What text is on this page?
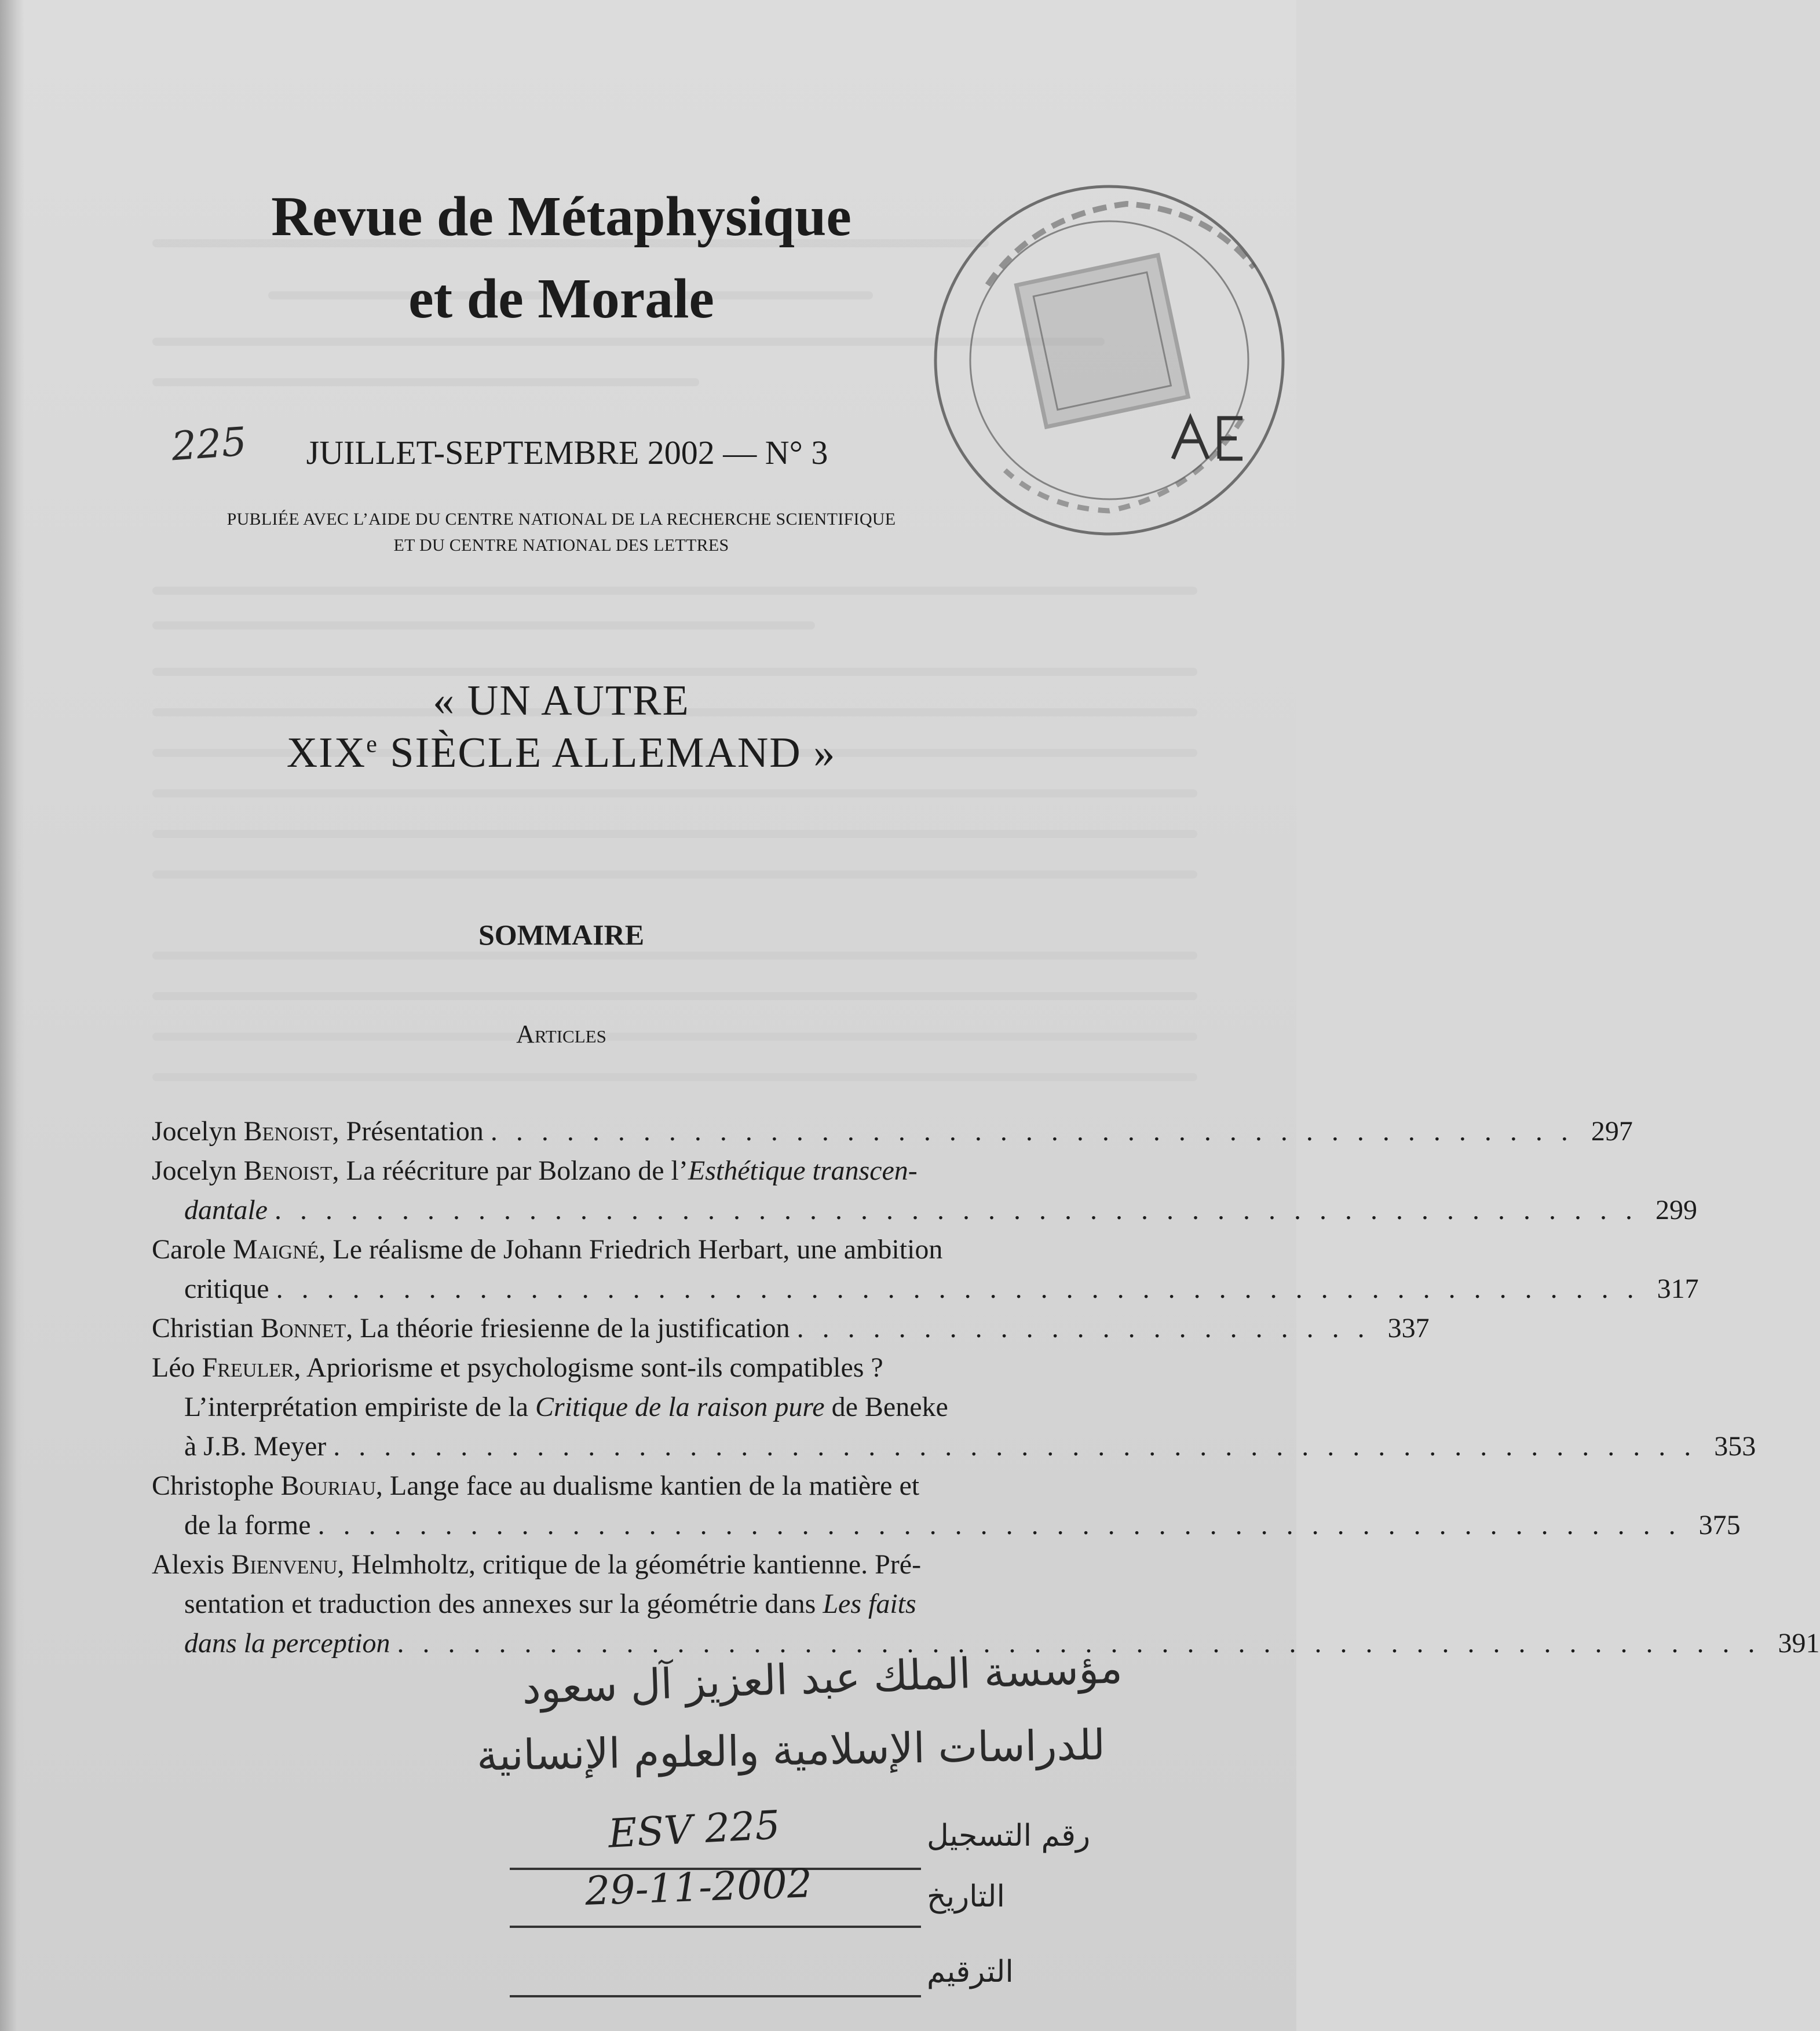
Revue de Métaphysique
et de Morale
225	JUILLET-SEPTEMBRE 2002 — N° 3
PUBLIÉE AVEC L’AIDE DU CENTRE NATIONAL DE LA RECHERCHE SCIENTIFIQUE
ET DU CENTRE NATIONAL DES LETTRES
« UN AUTRE
XIXe SIÈCLE ALLEMAND »
SOMMAIRE
Articles
Jocelyn Benoist, Présentation . . . . . . . . . . . . . . . . . . . . . . . . . . . . . . . . . . . . . . . . . . . 297
Jocelyn Benoist, La réécriture par Bolzano de l’Esthétique transcen-
dantale . . . . . . . . . . . . . . . . . . . . . . . . . . . . . . . . . . . . . . . . . . . . . . . . . . . . . . 299
Carole Maigné, Le réalisme de Johann Friedrich Herbart, une ambition
critique . . . . . . . . . . . . . . . . . . . . . . . . . . . . . . . . . . . . . . . . . . . . . . . . . . . . . . 317
Christian Bonnet, La théorie friesienne de la justification . . . . . . . . . . . . . . . . . . . . . . . 337
Léo Freuler, Apriorisme et psychologisme sont-ils compatibles ?
L’interprétation empiriste de la Critique de la raison pure de Beneke
à J.B. Meyer . . . . . . . . . . . . . . . . . . . . . . . . . . . . . . . . . . . . . . . . . . . . . . . . . . . . . . 353
Christophe Bouriau, Lange face au dualisme kantien de la matière et
de la forme . . . . . . . . . . . . . . . . . . . . . . . . . . . . . . . . . . . . . . . . . . . . . . . . . . . . . . 375
Alexis Bienvenu, Helmholtz, critique de la géométrie kantienne. Pré-
sentation et traduction des annexes sur la géométrie dans Les faits
dans la perception . . . . . . . . . . . . . . . . . . . . . . . . . . . . . . . . . . . . . . . . . . . . . . . . . . . . . . 391
مؤسسة الملك عبد العزيز آل سعود
للدراسات الإسلامية والعلوم الإنسانية
ESV 225	رقم التسجيل
29-11-2002	التاريخ
الترقيم
